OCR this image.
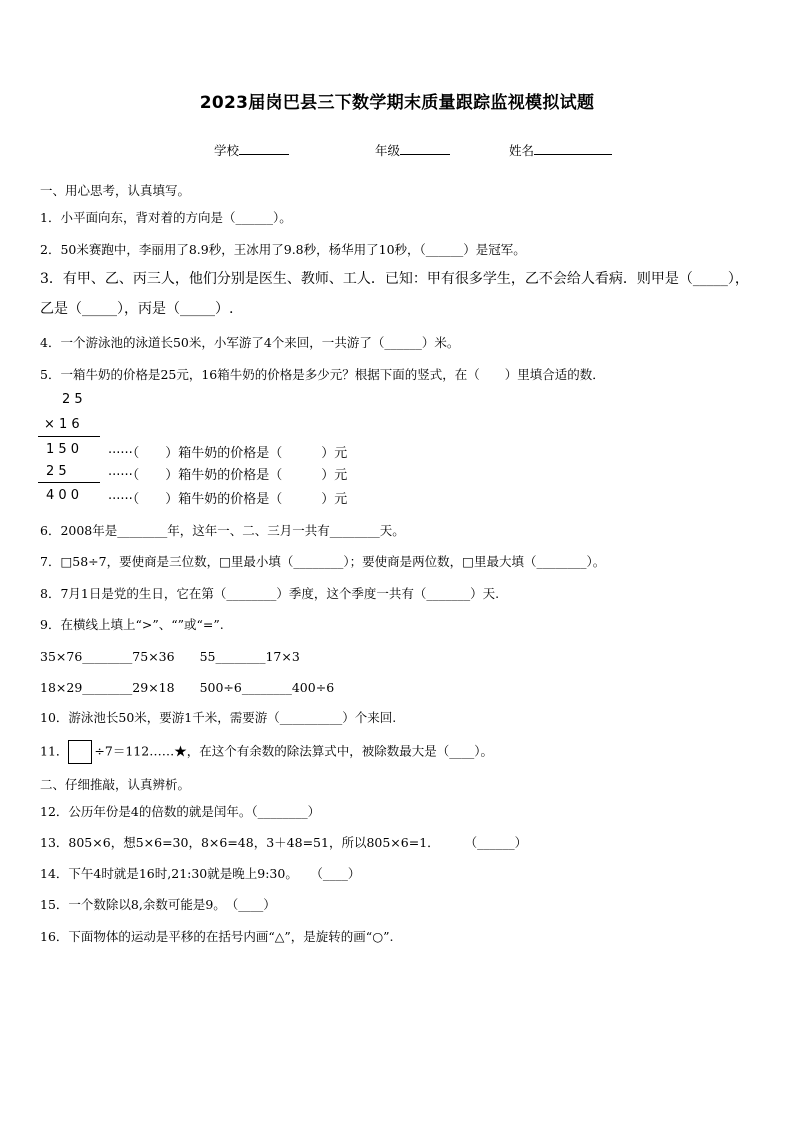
2023届岗巴县三下数学期末质量跟踪监视模拟试题
学校	年级	姓名
一、用心思考，认真填写。
1．小平面向东，背对着的方向是（______）。
2．50米赛跑中，李丽用了8.9秒，王冰用了9.8秒，杨华用了10秒，（______）是冠军。
3．有甲、乙、丙三人，他们分别是医生、教师、工人．已知：甲有很多学生，乙不会给人看病．则甲是（_____），乙是（_____），丙是（_____）.
4．一个游泳池的泳道长50米，小军游了4个来回，一共游了（______）米。
5．一箱牛奶的价格是25元，16箱牛奶的价格是多少元？根据下面的竖式，在（　　）里填合适的数．
2 5
× 1 6
1 5 0 ······（　　）箱牛奶的价格是（　　　）元
2 5	······（　　）箱牛奶的价格是（　　　）元
4 0 0 ······（　　）箱牛奶的价格是（　　　）元
6．2008年是________年，这年一、二、三月一共有________天。
7．□58÷7，要使商是三位数，□里最小填（________）；要使商是两位数，□里最大填（________）。
8．7月1日是党的生日，它在第（________）季度，这个季度一共有（_______）天.
9．在横线上填上“>”、“”或“=”.
35×76________75×36　　55________17×3
18×29________29×18　　500÷6________400÷6
10．游泳池长50米，要游1千米，需要游（__________）个来回.
11． ÷7＝112……★，在这个有余数的除法算式中，被除数最大是（____）。
二、仔细推敲，认真辨析。
12．公历年份是4的倍数的就是闰年。（________）
13．805×6，想5×6=30，8×6=48，3＋48=51，所以805×6=1．　　　（______）
14．下午4时就是16时,21:30就是晚上9:30。　　（____）
15．一个数除以8,余数可能是9。　（____）
16．下面物体的运动是平移的在括号内画“△”，是旋转的画“○”.
